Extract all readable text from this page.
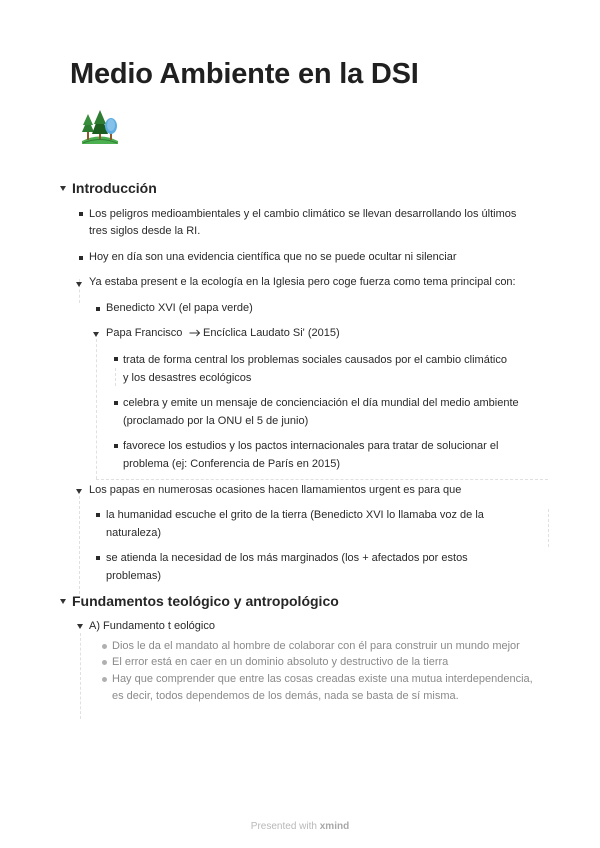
Medio Ambiente en la DSI
Introducción
Los peligros medioambientales y el cambio climático se llevan desarrollando los últimos
tres siglos desde la RI.
Hoy en día son una evidencia científica que no se puede ocultar ni silenciar
Ya estaba present e la ecología en la Iglesia pero coge fuerza como tema principal con:
Benedicto XVI (el papa verde)
Papa Francisco Encíclica Laudato Si' (2015)
trata de forma central los problemas sociales causados por el cambio climático
y los desastres ecológicos
celebra y emite un mensaje de concienciación el día mundial del medio ambiente
(proclamado por la ONU el 5 de junio)
favorece los estudios y los pactos internacionales para tratar de solucionar el
problema (ej: Conferencia de París en 2015)
Los papas en numerosas ocasiones hacen llamamientos urgent es para que
la humanidad escuche el grito de la tierra (Benedicto XVI lo llamaba voz de la
naturaleza)
se atienda la necesidad de los más marginados (los + afectados por estos
problemas)
Fundamentos teológico y antropológico
A) Fundamento t eológico
Dios le da el mandato al hombre de colaborar con él para construir un mundo mejor
El error está en caer en un dominio absoluto y destructivo de la tierra
Hay que comprender que entre las cosas creadas existe una mutua interdependencia,
es decir, todos dependemos de los demás, nada se basta de sí misma.
Presented with xmind
